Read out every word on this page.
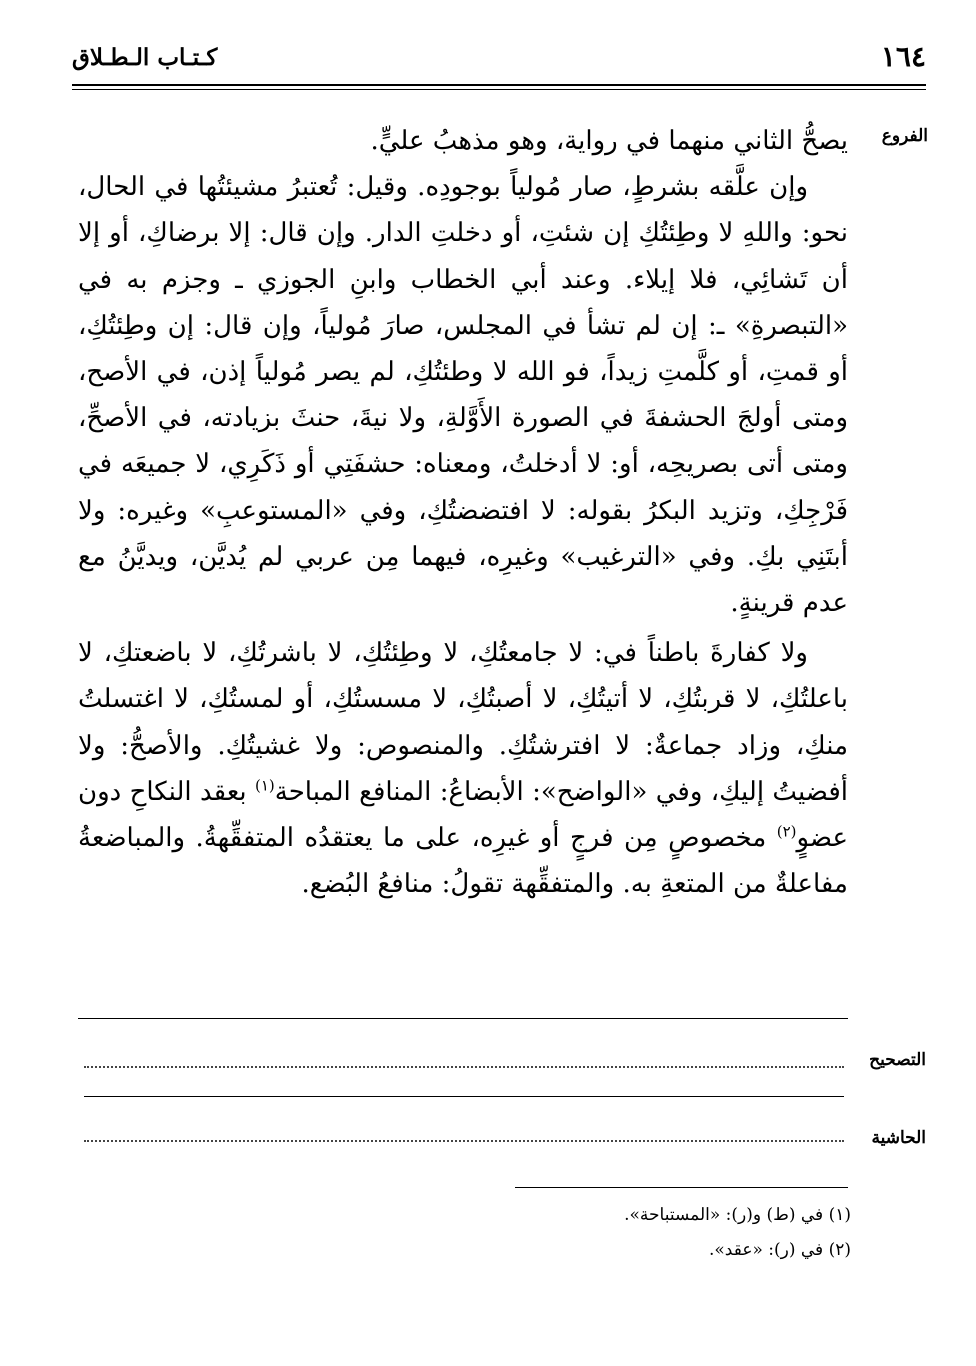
١٦٤
كـتـاب الـطـلاق
الفروع

يصحُّ الثاني منهما في رواية، وهو مذهبُ عليٍّ.

وإن علَّقه بشرطٍ، صار مُولياً بوجودِه. وقيل: تُعتبرُ مشيئتُها في الحال، نحو: واللهِ لا وطِئتُكِ إن شئتِ، أو دخلتِ الدار. وإن قال: إلا برضاكِ، أو إلا أن تَشائِي، فلا إيلاء. وعند أبي الخطاب وابنِ الجوزي ـ وجزم به في «التبصرةِ» ـ: إن لم تشأ في المجلس، صارَ مُولياً، وإن قال: إن وطِئتُكِ، أو قمتِ، أو كلَّمتِ زيداً، فو الله لا وطئتُكِ، لم يصر مُولياً إذن، في الأصح، ومتى أولجَ الحشفةَ في الصورة الأَوَّلةِ، ولا نيةَ، حنثَ بزيادته، في الأصحِّ، ومتى أتى بصريحِه، أو: لا أدخلتُ، ومعناه: حشفَتِي أو ذَكَرِي، لا جميعَه في فَرْجِكِ، وتزيد البكرُ بقوله: لا افتضضتُكِ، وفي «المستوعبِ» وغيره: ولا أبتَنِي بكِ. وفي «الترغيب» وغيرِه، فيهما مِن عربي لم يُديَّن، ويديَّنُ مع عدم قرينةٍ.

ولا كفارةَ باطناً في: لا جامعتُكِ، لا وطِئتُكِ، لا باشرتُكِ، لا باضعتكِ، لا باعلتُكِ، لا قربتُكِ، لا أتيتُكِ، لا أصبتُكِ، لا مسستُكِ، أو لمستُكِ، لا اغتسلتُ منكِ، وزاد جماعةٌ: لا افترشتُكِ. والمنصوص: ولا غشيتُكِ. والأصحُّ: ولا أفضيتُ إليكِ، وفي «الواضح»: الأبضاعُ: المنافع المباحة$^{(١)}$ بعقد النكاحِ دون عضوٍ$^{(٢)}$ مخصوصٍ مِن فرجٍ أو غيرِه، على ما يعتقدُه المتفقِّهةُ. والمباضعةُ مفاعلةٌ من المتعةِ به. والمتفقِّهة تقولُ: منافعُ البُضع.

التصحيح
الحاشية
(١) في (ط) و(ر): «المستباحة».
(٢) في (ر): «عقد».
